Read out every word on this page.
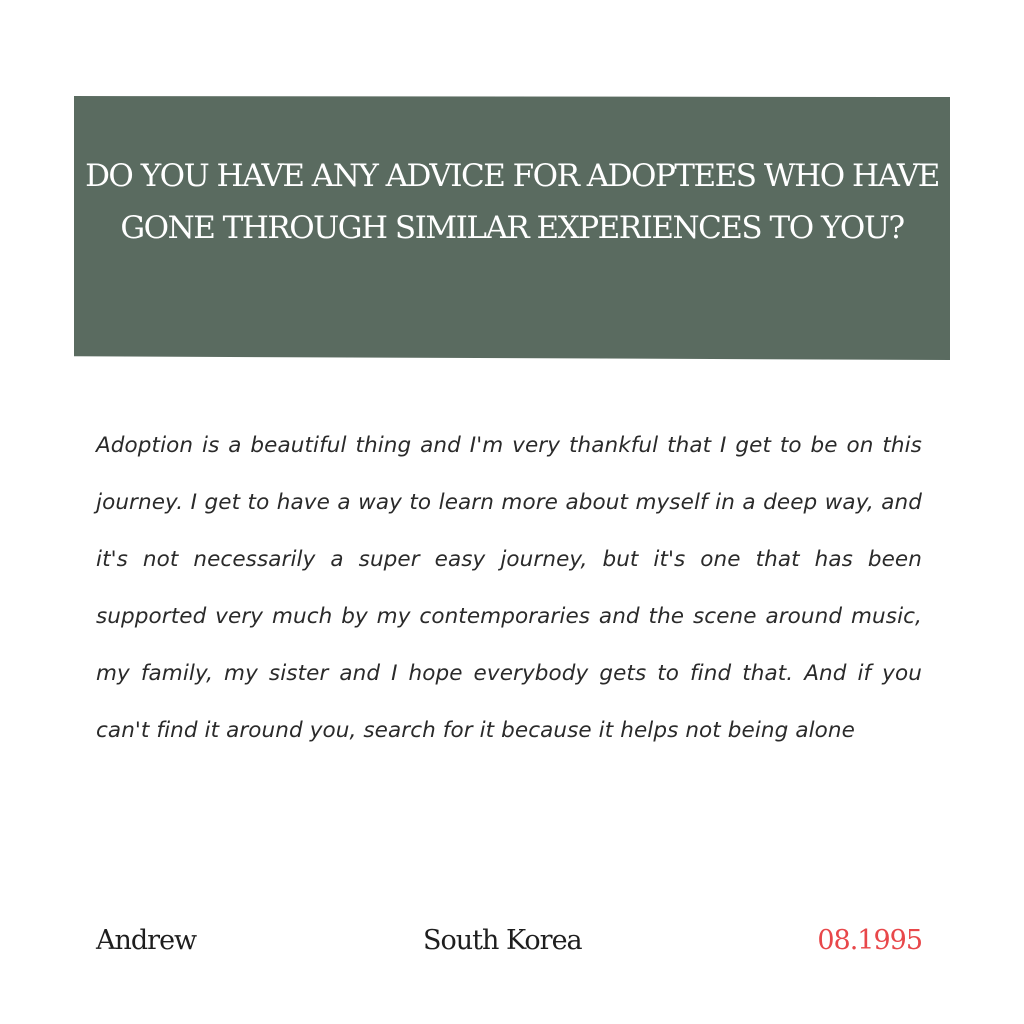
DO YOU HAVE ANY ADVICE FOR ADOPTEES WHO HAVE GONE THROUGH SIMILAR EXPERIENCES TO YOU?

Adoption is a beautiful thing and I'm very thankful that I get to be on this journey. I get to have a way to learn more about myself in a deep way, and it's not necessarily a super easy journey, but it's one that has been supported very much by my contemporaries and the scene around music, my family, my sister and I hope everybody gets to find that. And if you can't find it around you, search for it because it helps not being alone

Andrew	South Korea	08.1995
